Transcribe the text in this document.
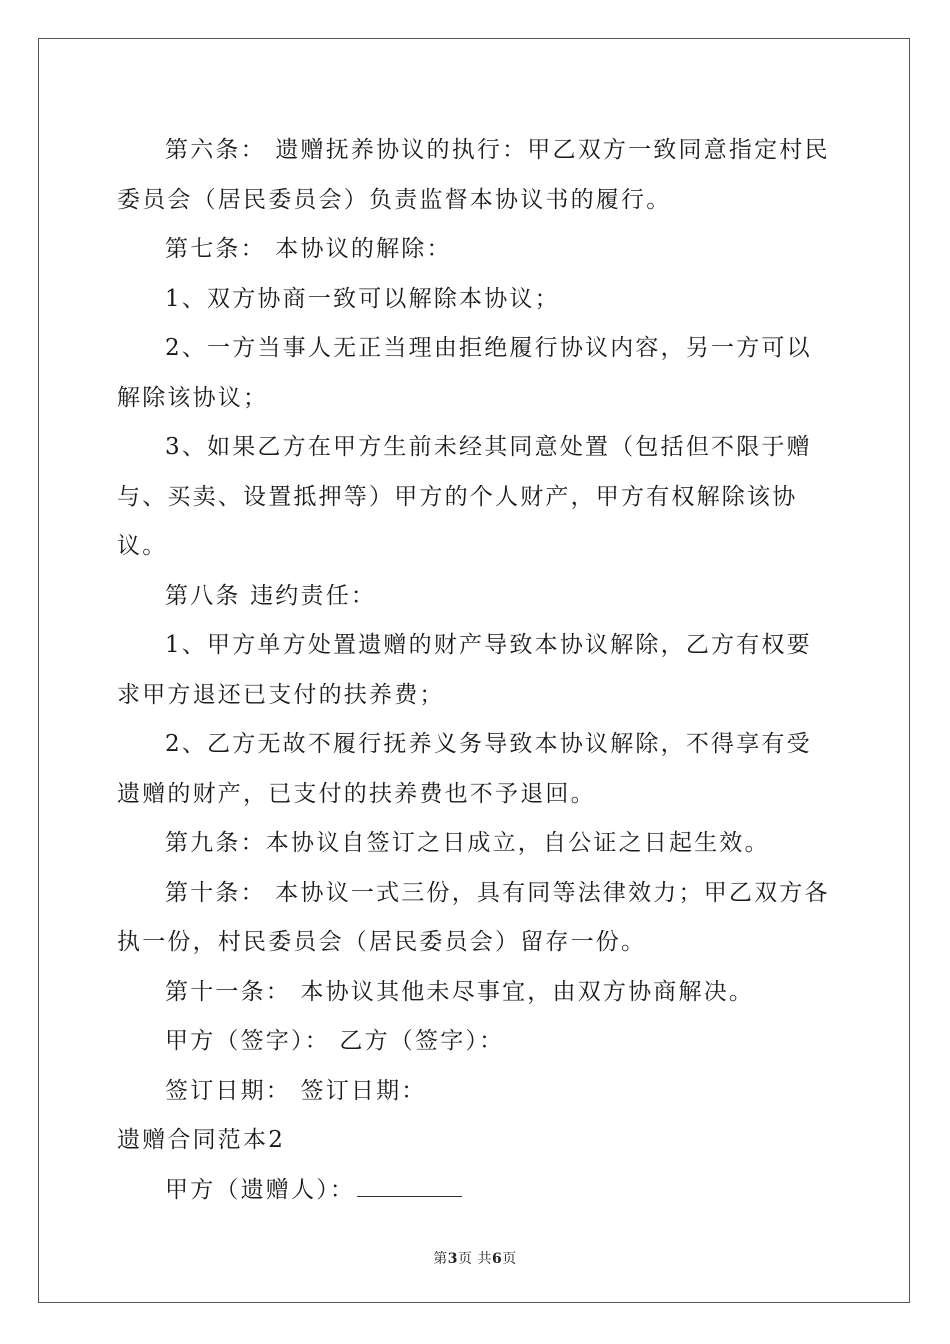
第六条： 遗赠抚养协议的执行：甲乙双方一致同意指定村民委员会（居民委员会）负责监督本协议书的履行。

第七条： 本协议的解除：

1、双方协商一致可以解除本协议；

2、一方当事人无正当理由拒绝履行协议内容，另一方可以解除该协议；

3、如果乙方在甲方生前未经其同意处置（包括但不限于赠与、买卖、设置抵押等）甲方的个人财产，甲方有权解除该协议。

第八条 违约责任：

1、甲方单方处置遗赠的财产导致本协议解除，乙方有权要求甲方退还已支付的扶养费；

2、乙方无故不履行抚养义务导致本协议解除，不得享有受遗赠的财产，已支付的扶养费也不予退回。

第九条：本协议自签订之日成立，自公证之日起生效。

第十条： 本协议一式三份，具有同等法律效力；甲乙双方各执一份，村民委员会（居民委员会）留存一份。

第十一条： 本协议其他未尽事宜，由双方协商解决。

甲方（签字）： 乙方（签字）：

签订日期： 签订日期：

遗赠合同范本2

甲方（遗赠人）：

第3页 共6页
